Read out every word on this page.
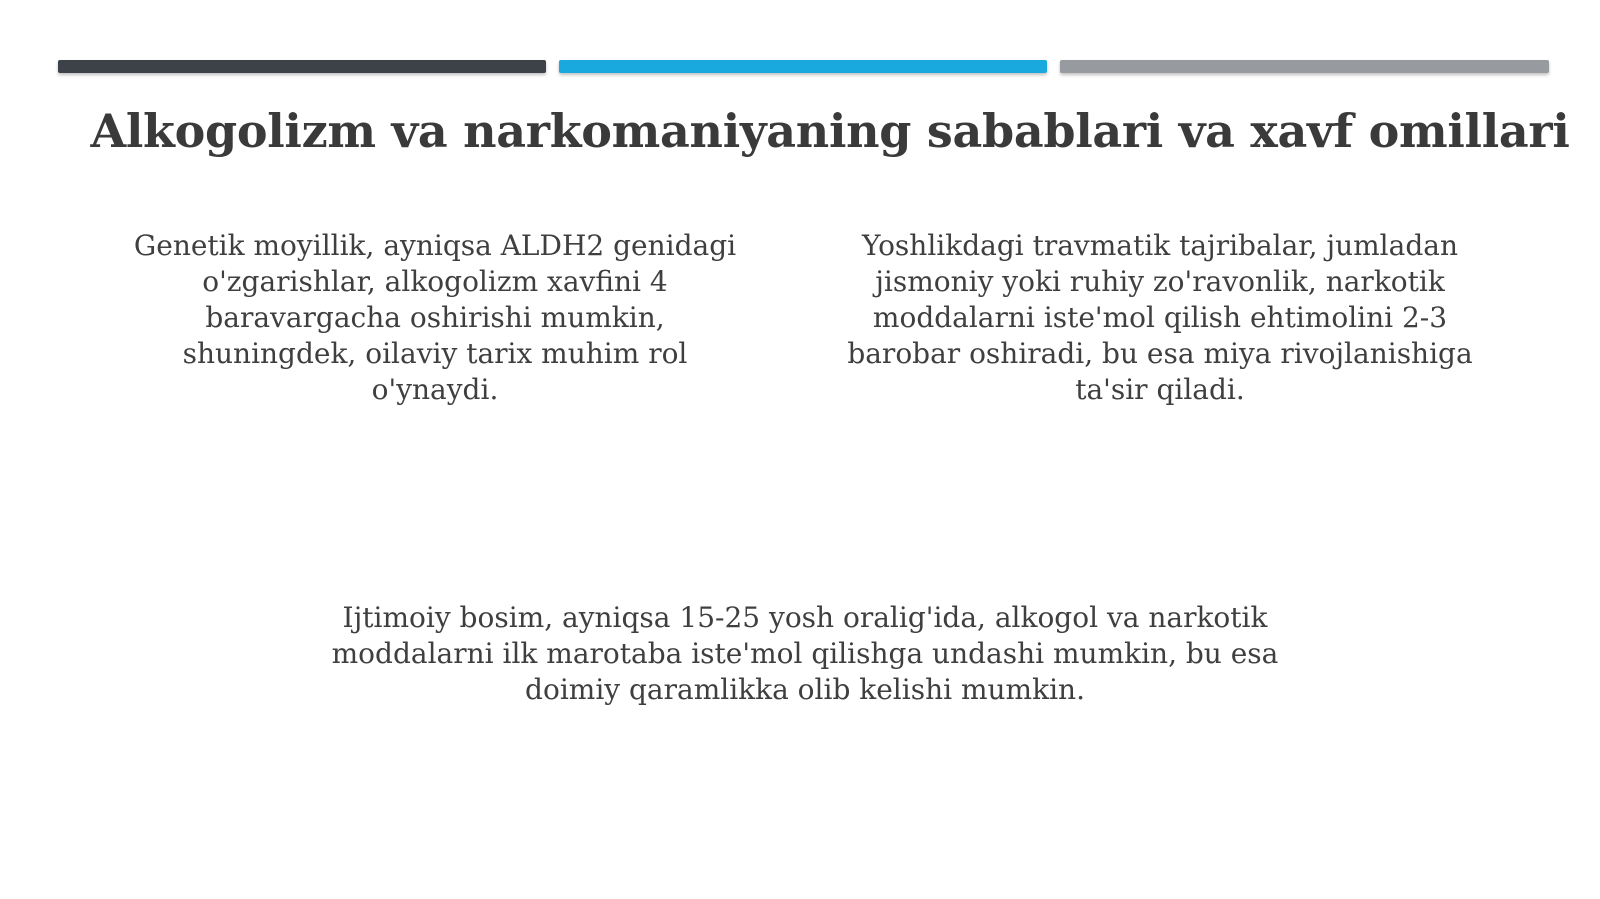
Alkogolizm va narkomaniyaning sabablari va xavf omillari

Genetik moyillik, ayniqsa ALDH2 genidagi o'zgarishlar, alkogolizm xavfini 4 baravargacha oshirishi mumkin, shuningdek, oilaviy tarix muhim rol o'ynaydi.

Yoshlikdagi travmatik tajribalar, jumladan jismoniy yoki ruhiy zo'ravonlik, narkotik moddalarni iste'mol qilish ehtimolini 2-3 barobar oshiradi, bu esa miya rivojlanishiga ta'sir qiladi.

Ijtimoiy bosim, ayniqsa 15-25 yosh oralig'ida, alkogol va narkotik moddalarni ilk marotaba iste'mol qilishga undashi mumkin, bu esa doimiy qaramlikka olib kelishi mumkin.
